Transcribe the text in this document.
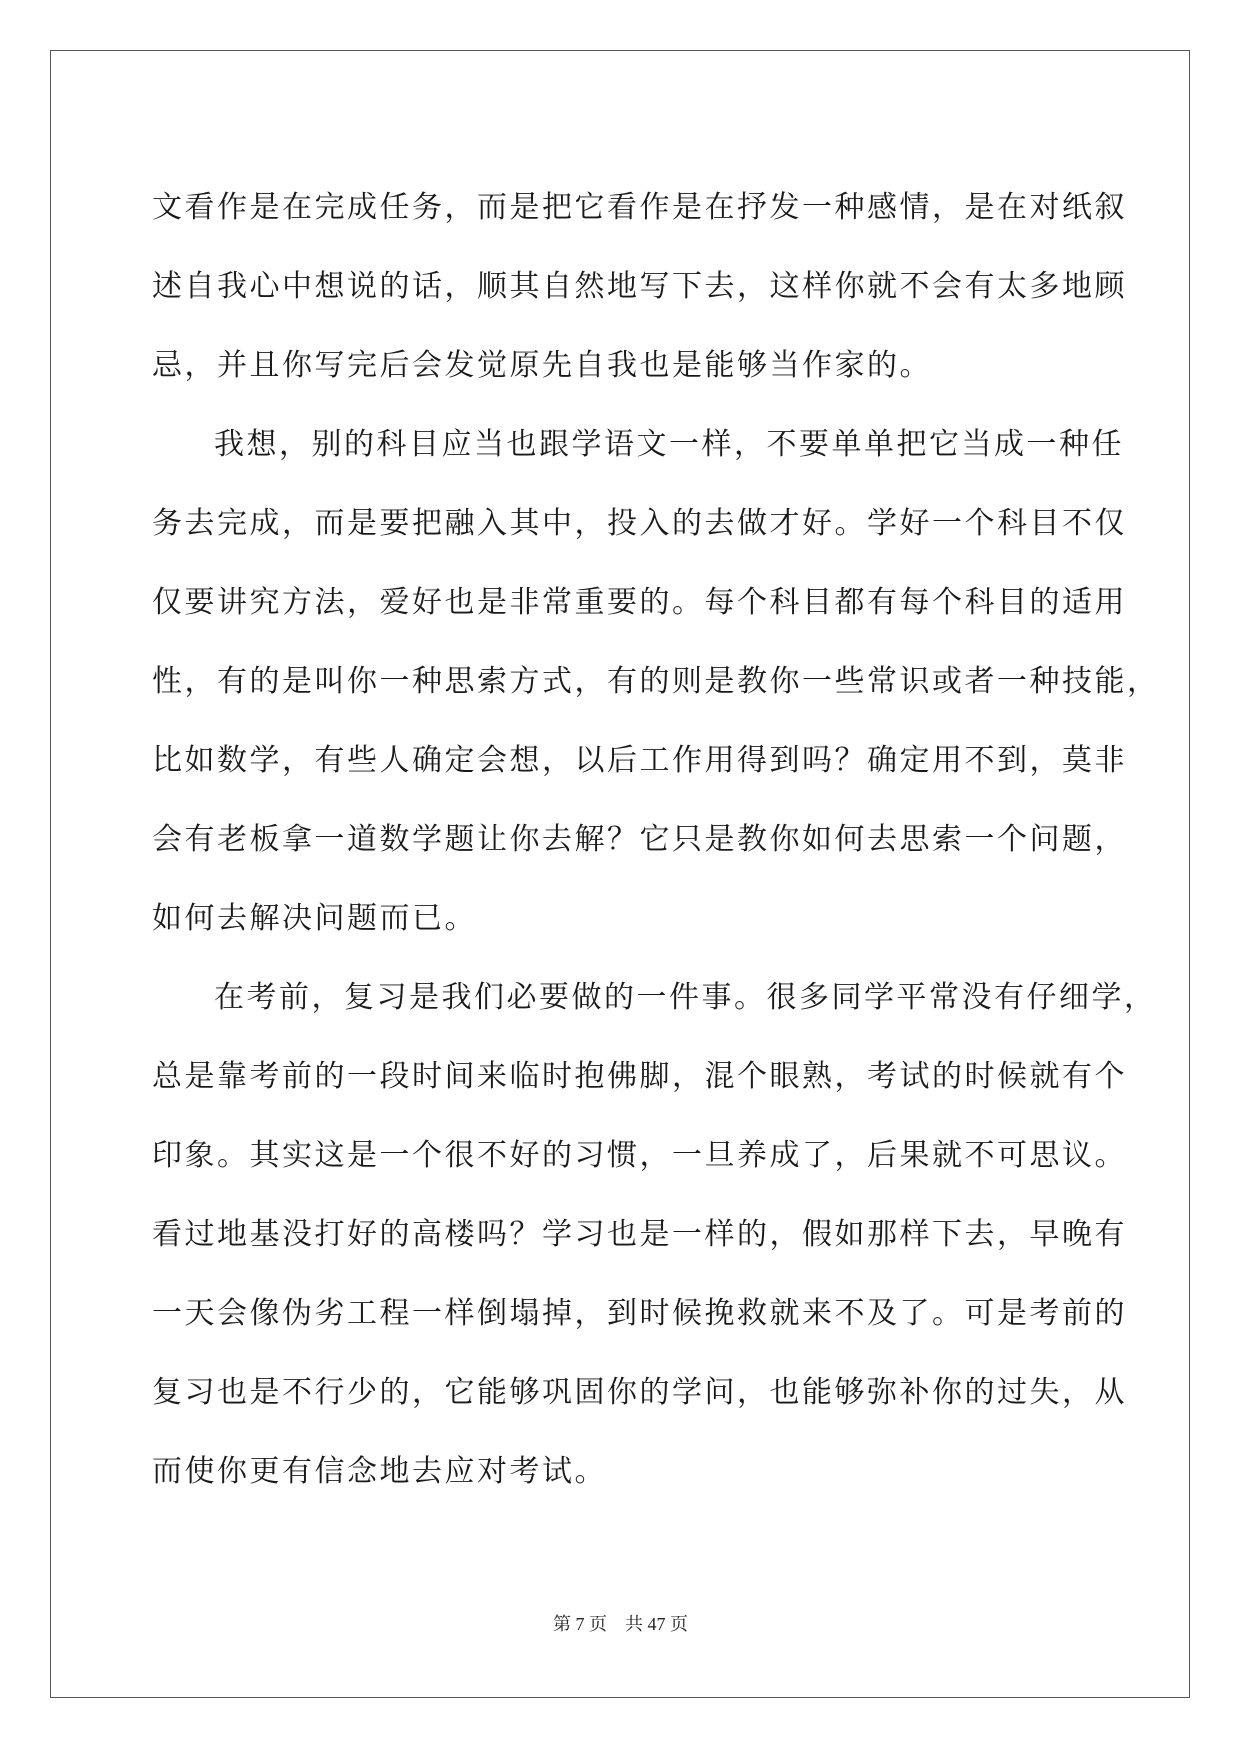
文看作是在完成任务，而是把它看作是在抒发一种感情，是在对纸叙
述自我心中想说的话，顺其自然地写下去，这样你就不会有太多地顾
忌，并且你写完后会发觉原先自我也是能够当作家的。
我想，别的科目应当也跟学语文一样，不要单单把它当成一种任
务去完成，而是要把融入其中，投入的去做才好。学好一个科目不仅
仅要讲究方法，爱好也是非常重要的。每个科目都有每个科目的适用
性，有的是叫你一种思索方式，有的则是教你一些常识或者一种技能，
比如数学，有些人确定会想，以后工作用得到吗？确定用不到，莫非
会有老板拿一道数学题让你去解？它只是教你如何去思索一个问题，
如何去解决问题而已。
在考前，复习是我们必要做的一件事。很多同学平常没有仔细学，
总是靠考前的一段时间来临时抱佛脚，混个眼熟，考试的时候就有个
印象。其实这是一个很不好的习惯，一旦养成了，后果就不可思议。
看过地基没打好的高楼吗？学习也是一样的，假如那样下去，早晚有
一天会像伪劣工程一样倒塌掉，到时候挽救就来不及了。可是考前的
复习也是不行少的，它能够巩固你的学问，也能够弥补你的过失，从
而使你更有信念地去应对考试。
第 7 页　共 47 页
